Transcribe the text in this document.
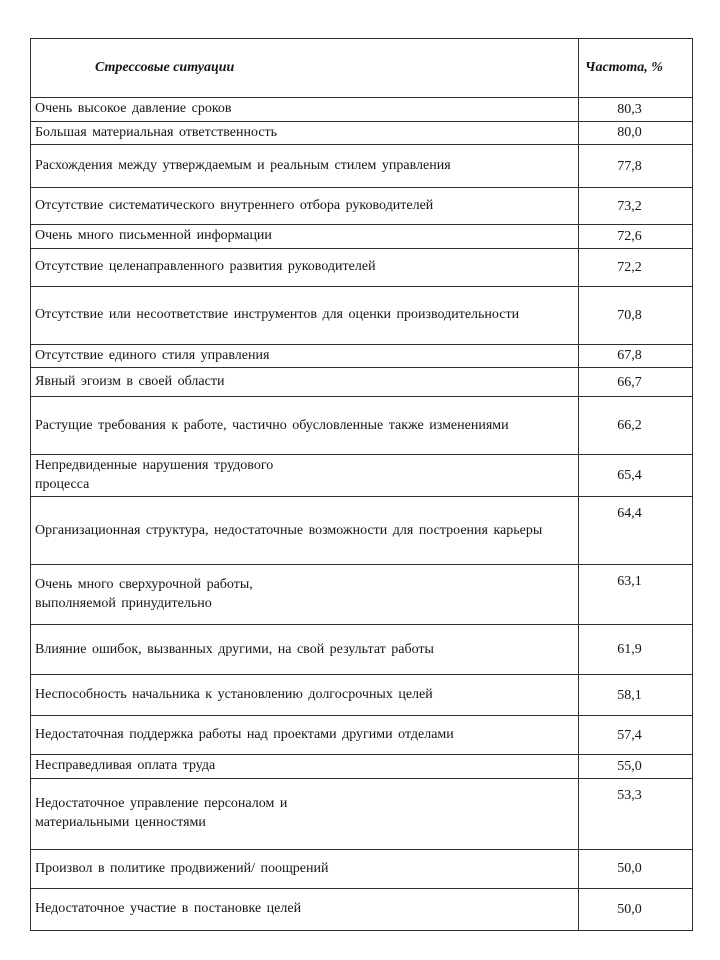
Стрессовые ситуации	Частота, %
Очень высокое давление сроков	80,3
Большая материальная ответственность	80,0
Расхождения между утверждаемым и реальным стилем управления	77,8
Отсутствие систематического внутреннего отбора руководителей	73,2
Очень много письменной информации	72,6
Отсутствие целенаправленного развития руководителей	72,2
Отсутствие или несоответствие инструментов для оценки производительности	70,8
Отсутствие единого стиля управления	67,8
Явный эгоизм в своей области	66,7
Растущие требования к работе, частично обусловленные также изменениями	66,2
Непредвиденные нарушения трудового
процесса	65,4
Организационная структура, недостаточные возможности для построения карьеры	64,4
Очень много сверхурочной работы,
выполняемой принудительно	63,1
Влияние ошибок, вызванных другими, на свой результат работы	61,9
Неспособность начальника к установлению долгосрочных целей	58,1
Недостаточная поддержка работы над проектами другими отделами	57,4
Несправедливая оплата труда	55,0
Недостаточное управление персоналом и
материальными ценностями	53,3
Произвол в политике продвижений/ поощрений	50,0
Недостаточное участие в постановке целей	50,0
